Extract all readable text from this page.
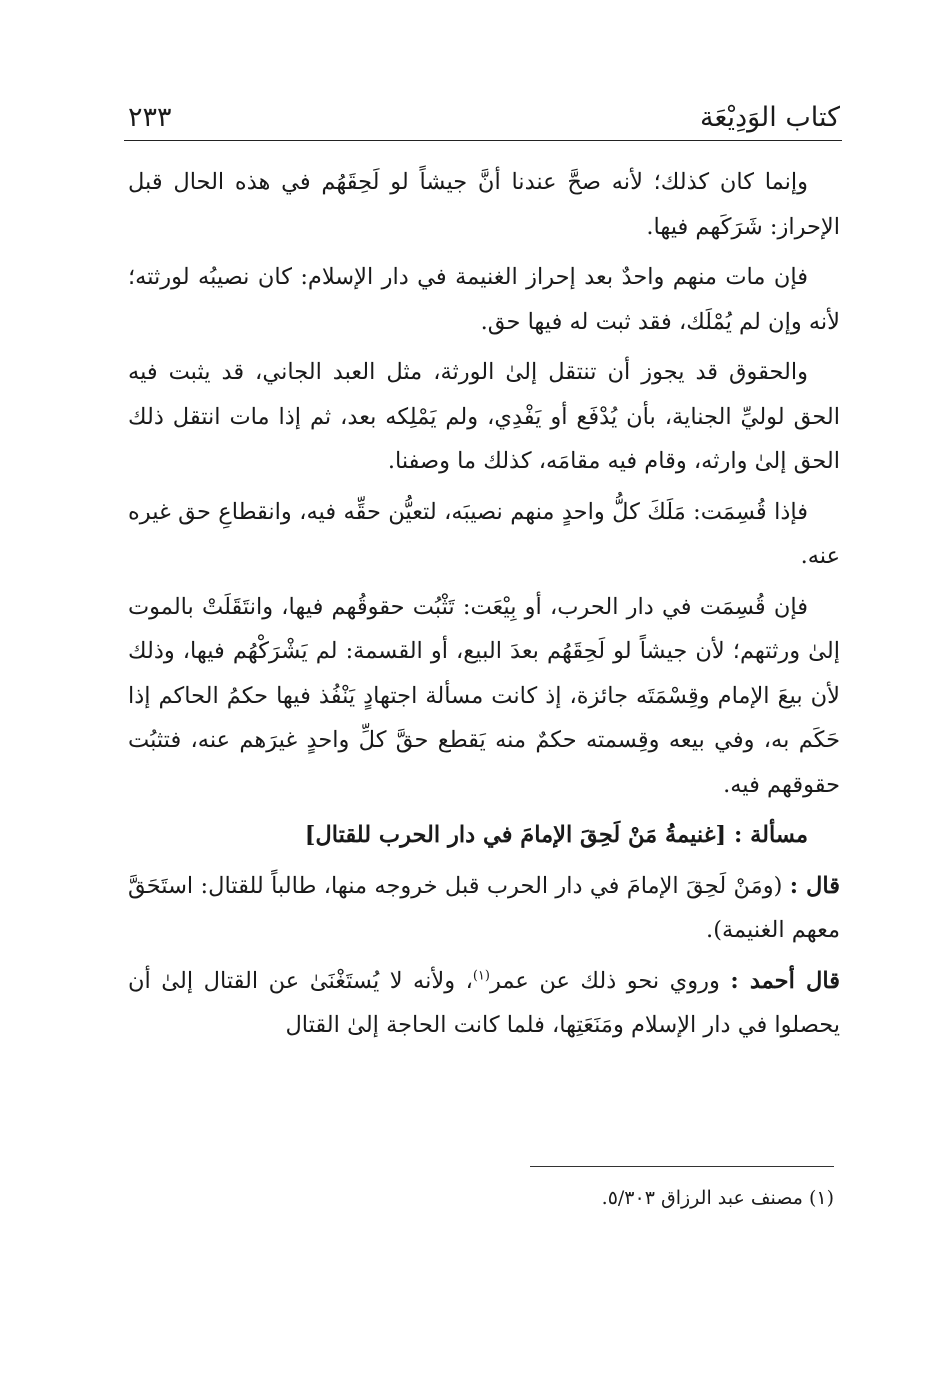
كتاب الوَدِيْعَة
٢٣٣

وإنما كان كذلك؛ لأنه صحَّ عندنا أنَّ جيشاً لو لَحِقَهُم في هذه الحال قبل الإحراز: شَرَكَهم فيها.

فإن مات منهم واحدٌ بعد إحراز الغنيمة في دار الإسلام: كان نصيبُه لورثته؛ لأنه وإن لم يُمْلَك، فقد ثبت له فيها حق.

والحقوق قد يجوز أن تنتقل إلىٰ الورثة، مثل العبد الجاني، قد يثبت فيه الحق لوليِّ الجناية، بأن يُدْفَع أو يَفْدِي، ولم يَمْلِكه بعد، ثم إذا مات انتقل ذلك الحق إلىٰ وارثه، وقام فيه مقامَه، كذلك ما وصفنا.

فإذا قُسِمَت: مَلَكَ كلُّ واحدٍ منهم نصيبَه، لتعيُّن حقِّه فيه، وانقطاعِ حق غيره عنه.

فإن قُسِمَت في دار الحرب، أو بِيْعَت: تَثْبُت حقوقُهم فيها، وانتَقَلَتْ بالموت إلىٰ ورثتهم؛ لأن جيشاً لو لَحِقَهُم بعدَ البيع، أو القسمة: لم يَشْرَكْهُم فيها، وذلك لأن بيعَ الإمام وقِسْمَتَه جائزة، إذ كانت مسألة اجتهادٍ يَنْفُذ فيها حكمُ الحاكم إذا حَكَم به، وفي بيعه وقِسمته حكمٌ منه يَقطع حقَّ كلِّ واحدٍ غيرَهم عنه، فتثبُت حقوقهم فيه.

مسألة : [غنيمةُ مَنْ لَحِقَ الإمامَ في دار الحرب للقتال]

قال : (ومَنْ لَحِقَ الإمامَ في دار الحرب قبل خروجه منها، طالباً للقتال: استَحَقَّ معهم الغنيمة).

قال أحمد : وروي نحو ذلك عن عمر$^{(١)}$، ولأنه لا يُستَغْنَىٰ عن القتال إلىٰ أن يحصلوا في دار الإسلام ومَنَعَتِها، فلما كانت الحاجة إلىٰ القتال

(١) مصنف عبد الرزاق ٥/٣٠٣.
